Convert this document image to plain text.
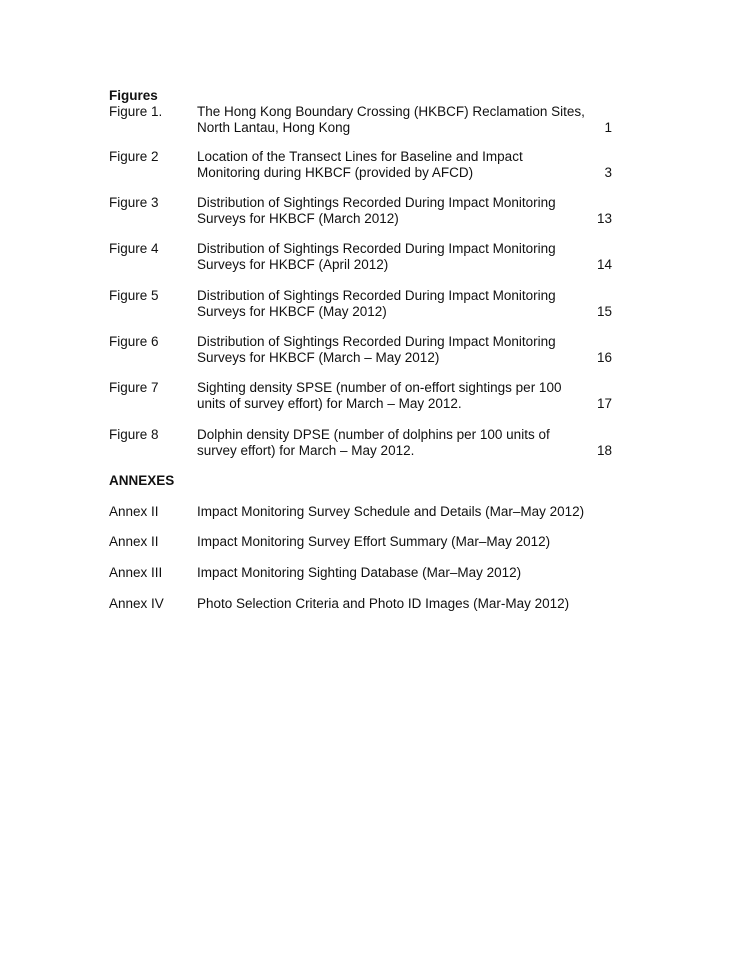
Figures
Figure 1.	The Hong Kong Boundary Crossing (HKBCF) Reclamation Sites,
North Lantau, Hong Kong	1
Figure 2	Location of the Transect Lines for Baseline and Impact
Monitoring during HKBCF (provided by AFCD)	3
Figure 3	Distribution of Sightings Recorded During Impact Monitoring
Surveys for HKBCF (March 2012)	13
Figure 4	Distribution of Sightings Recorded During Impact Monitoring
Surveys for HKBCF (April 2012)	14
Figure 5	Distribution of Sightings Recorded During Impact Monitoring
Surveys for HKBCF (May 2012)	15
Figure 6	Distribution of Sightings Recorded During Impact Monitoring
Surveys for HKBCF (March – May 2012)	16
Figure 7	Sighting density SPSE (number of on-effort sightings per 100
units of survey effort) for March – May 2012.	17
Figure 8	Dolphin density DPSE (number of dolphins per 100 units of
survey effort) for March – May 2012.	18
ANNEXES
Annex II	Impact Monitoring Survey Schedule and Details (Mar–May 2012)
Annex II	Impact Monitoring Survey Effort Summary (Mar–May 2012)
Annex III	Impact Monitoring Sighting Database (Mar–May 2012)
Annex IV Photo Selection Criteria and Photo ID Images (Mar-May 2012)
